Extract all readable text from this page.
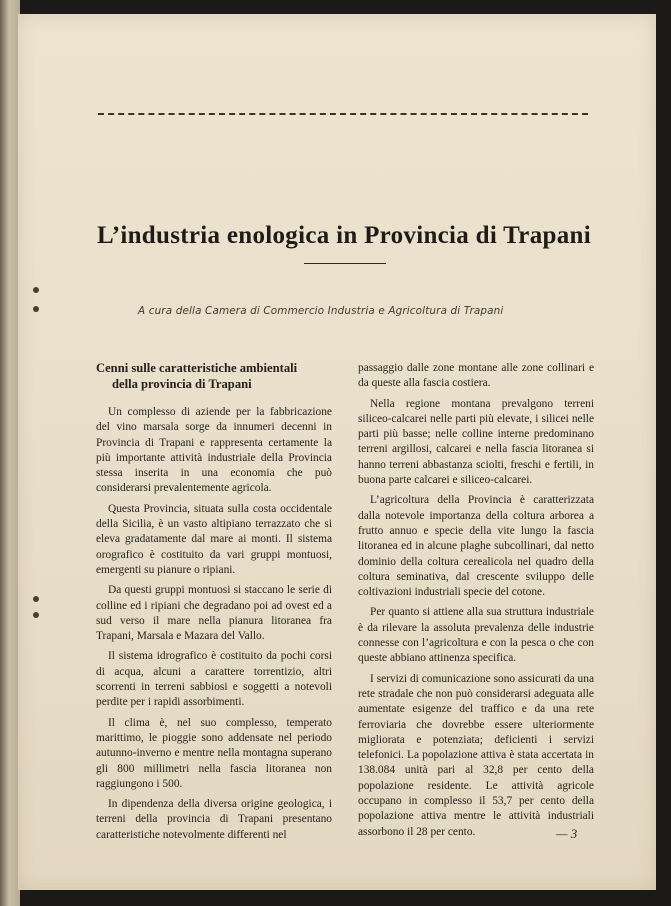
L’industria enologica in Provincia di Trapani
A cura della Camera di Commercio Industria e Agricoltura di Trapani
Cenni sulle caratteristiche ambientali
della provincia di Trapani

Un complesso di aziende per la fabbricazione del vino marsala sorge da innumeri decenni in Provincia di Trapani e rappresenta certamente la più importante attività industriale della Provincia stessa inserita in una economia che può considerarsi prevalentemente agricola.

Questa Provincia, situata sulla costa occidentale della Sicilia, è un vasto altipiano terrazzato che si eleva gradatamente dal mare ai monti. Il sistema orografico è costituito da vari gruppi montuosi, emergenti su pianure o ripiani.

Da questi gruppi montuosi si staccano le serie di colline ed i ripiani che degradano poi ad ovest ed a sud verso il mare nella pianura litoranea fra Trapani, Marsala e Mazara del Vallo.

Il sistema idrografico è costituito da pochi corsi di acqua, alcuni a carattere torrentizio, altri scorrenti in terreni sabbiosi e soggetti a notevoli perdite per i rapidi assorbimenti.

Il clima è, nel suo complesso, temperato marittimo, le pioggie sono addensate nel periodo autunno-inverno e mentre nella montagna superano gli 800 millimetri nella fascia litoranea non raggiungono i 500.

In dipendenza della diversa origine geologica, i terreni della provincia di Trapani presentano caratteristiche notevolmente differenti nel

passaggio dalle zone montane alle zone collinari e da queste alla fascia costiera.

Nella regione montana prevalgono terreni siliceo-calcarei nelle parti più elevate, i silicei nelle parti più basse; nelle colline interne predominano terreni argillosi, calcarei e nella fascia litoranea si hanno terreni abbastanza sciolti, freschi e fertili, in buona parte calcarei e siliceo-calcarei.

L’agricoltura della Provincia è caratterizzata dalla notevole importanza della coltura arborea a frutto annuo e specie della vite lungo la fascia litoranea ed in alcune plaghe subcollinari, dal netto dominio della coltura cerealicola nel quadro della coltura seminativa, dal crescente sviluppo delle coltivazioni industriali specie del cotone.

Per quanto si attiene alla sua struttura industriale è da rilevare la assoluta prevalenza delle industrie connesse con l’agricoltura e con la pesca o che con queste abbiano attinenza specifica.

I servizi di comunicazione sono assicurati da una rete stradale che non può considerarsi adeguata alle aumentate esigenze del traffico e da una rete ferroviaria che dovrebbe essere ulteriormente migliorata e potenziata; deficienti i servizi telefonici. La popolazione attiva è stata accertata in 138.084 unità pari al 32,8 per cento della popolazione residente. Le attività agricole occupano in complesso il 53,7 per cento della popolazione attiva mentre le attività industriali assorbono il 28 per cento.	— 3
